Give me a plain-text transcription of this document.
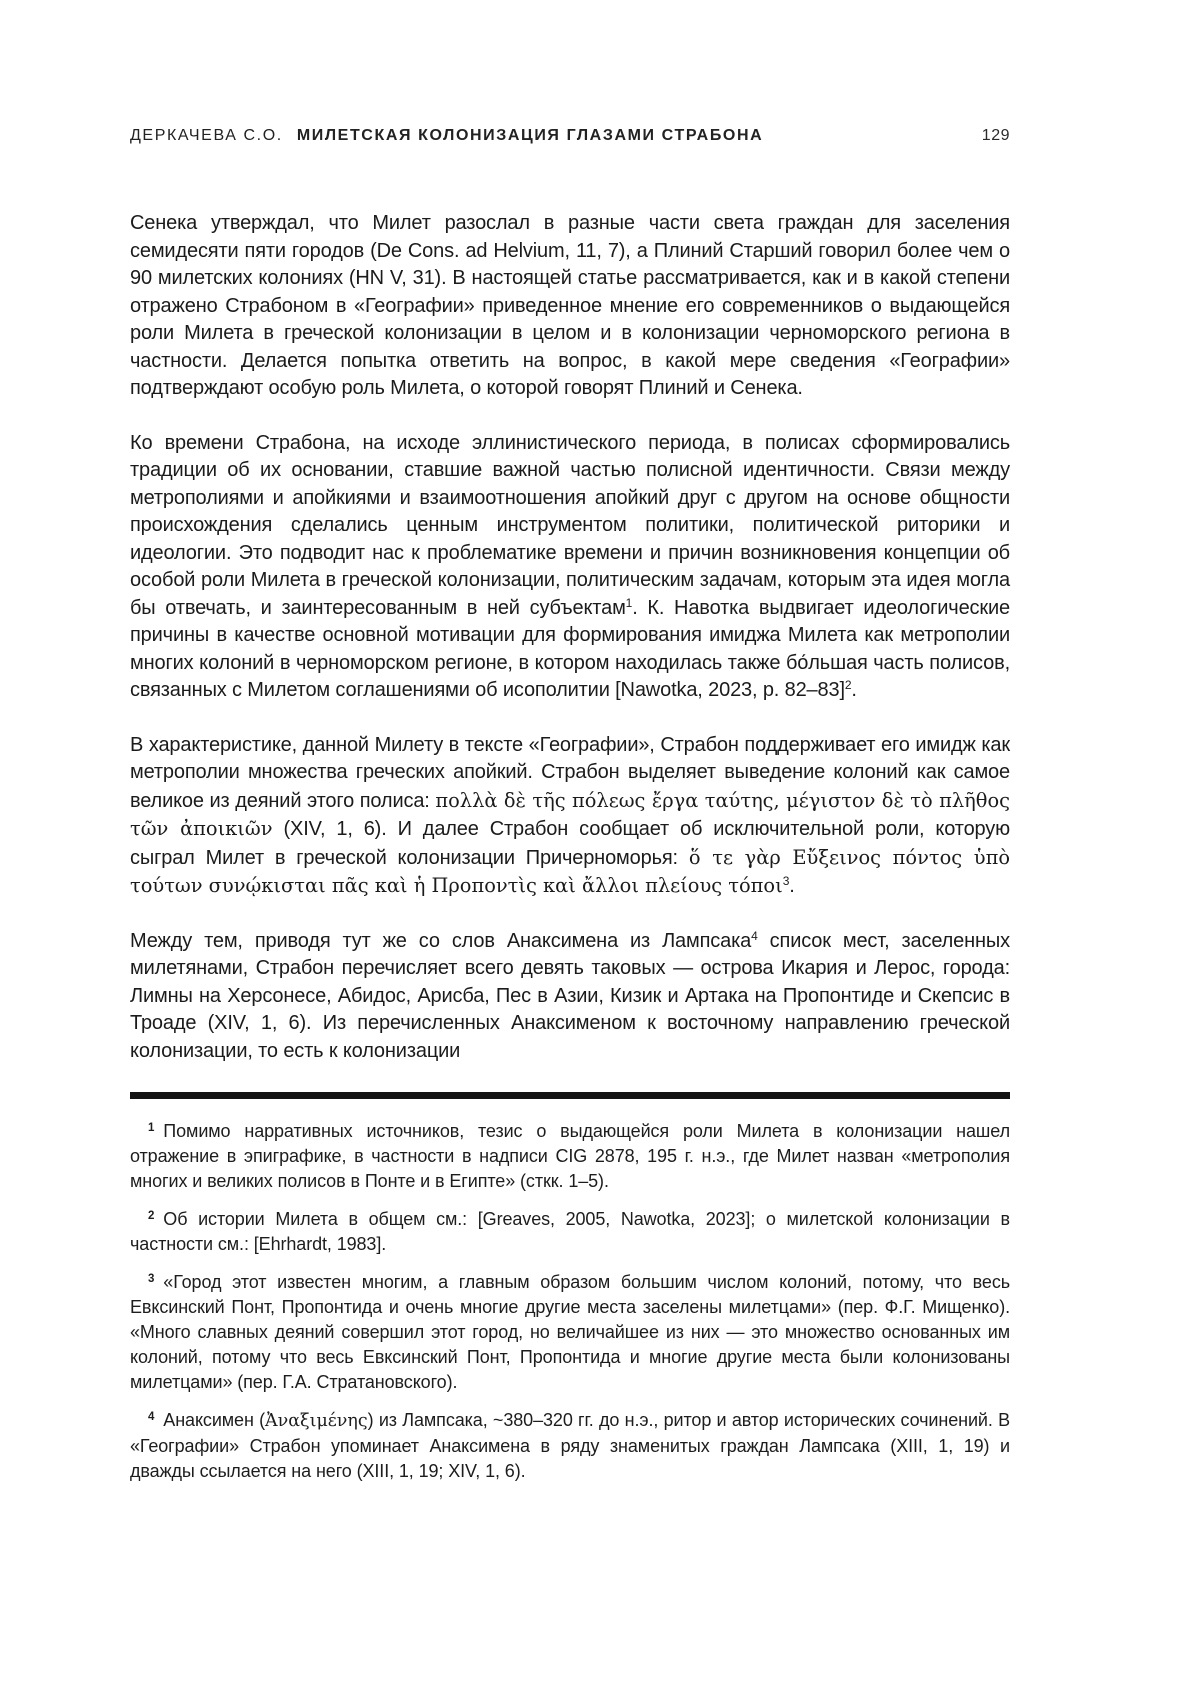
ДЕРКАЧЕВА С.О. МИЛЕТСКАЯ КОЛОНИЗАЦИЯ ГЛАЗАМИ СТРАБОНА	129

Сенека утверждал, что Милет разослал в разные части света граждан для заселения семидесяти пяти городов (De Cons. ad Helvium, 11, 7), а Плиний Старший говорил более чем о 90 милетских колониях (HN V, 31). В настоящей статье рассматривается, как и в какой степени отражено Страбоном в «Географии» приведенное мнение его современников о выдающейся роли Милета в греческой колонизации в целом и в колонизации черноморского региона в частности. Делается попытка ответить на вопрос, в какой мере сведения «Географии» подтверждают особую роль Милета, о которой говорят Плиний и Сенека.

Ко времени Страбона, на исходе эллинистического периода, в полисах сформировались традиции об их основании, ставшие важной частью полисной идентичности. Связи между метрополиями и апойкиями и взаимоотношения апойкий друг с другом на основе общности происхождения сделались ценным инструментом политики, политической риторики и идеологии. Это подводит нас к проблематике времени и причин возникновения концепции об особой роли Милета в греческой колонизации, политическим задачам, которым эта идея могла бы отвечать, и заинтересованным в ней субъектам$^1$. К. Навотка выдвигает идеологические причины в качестве основной мотивации для формирования имиджа Милета как метрополии многих колоний в черноморском регионе, в котором находилась также бо́льшая часть полисов, связанных с Милетом соглашениями об исополитии [Nawotka, 2023, p. 82–83]$^2$.

В характеристике, данной Милету в тексте «Географии», Страбон поддерживает его имидж как метрополии множества греческих апойкий. Страбон выделяет выведение колоний как самое великое из деяний этого полиса: πολλὰ δὲ τῆς πόλεως ἔργα ταύτης, μέγιστον δὲ τὸ πλῆθος τῶν ἀποικιῶν (XIV, 1, 6). И далее Страбон сообщает об исключительной роли, которую сыграл Милет в греческой колонизации Причерноморья: ὅ τε γὰρ Εὔξεινος πόντος ὑπὸ τούτων συνῴκισται πᾶς καὶ ἡ Προποντὶς καὶ ἄλλοι πλείους τόποι$^3$.

Между тем, приводя тут же со слов Анаксимена из Лампсака$^4$ список мест, заселенных милетянами, Страбон перечисляет всего девять таковых — острова Икария и Лерос, города: Лимны на Херсонесе, Абидос, Арисба, Пес в Азии, Кизик и Артака на Пропонтиде и Скепсис в Троаде (XIV, 1, 6). Из перечисленных Анаксименом к восточному направлению греческой колонизации, то есть к колонизации

$^1$ Помимо нарративных источников, тезис о выдающейся роли Милета в колонизации нашел отражение в эпиграфике, в частности в надписи CIG 2878, 195 г. н.э., где Милет назван «метрополия многих и великих полисов в Понте и в Египте» (сткк. 1–5).

$^2$ Об истории Милета в общем см.: [Greaves, 2005, Nawotka, 2023]; о милетской колонизации в частности см.: [Ehrhardt, 1983].

$^3$ «Город этот известен многим, а главным образом большим числом колоний, потому, что весь Евксинский Понт, Пропонтида и очень многие другие места заселены милетцами» (пер. Ф.Г. Мищенко). «Много славных деяний совершил этот город, но величайшее из них — это множество основанных им колоний, потому что весь Евксинский Понт, Пропонтида и многие другие места были колонизованы милетцами» (пер. Г.А. Стратановского).

$^4$ Анаксимен (Ἀναξιμένης) из Лампсака, ~380–320 гг. до н.э., ритор и автор исторических сочинений. В «Географии» Страбон упоминает Анаксимена в ряду знаменитых граждан Лампсака (XIII, 1, 19) и дважды ссылается на него (XIII, 1, 19; XIV, 1, 6).
